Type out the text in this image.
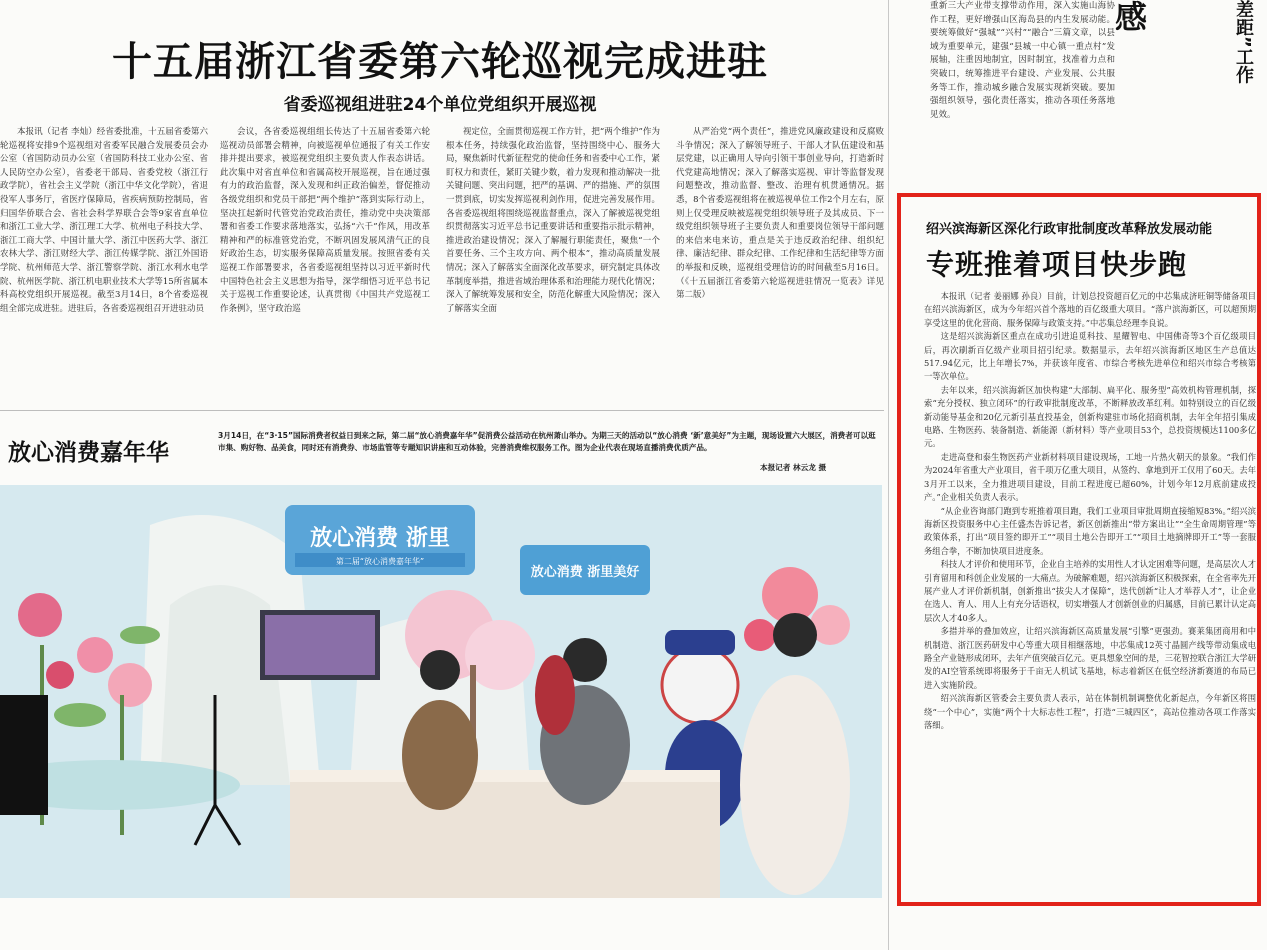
十五届浙江省委第六轮巡视完成进驻
省委巡视组进驻24个单位党组织开展巡视

本报讯（记者 李灿）经省委批准，十五届省委第六轮巡视将安排9个巡视组对省委军民融合发展委员会办公室（省国防动员办公室（省国防科技工业办公室、省人民防空办公室），省委老干部局、省委党校（浙江行政学院），省社会主义学院（浙江中华文化学院），省退役军人事务厅，省医疗保障局，省疾病预防控制局，省归国华侨联合会、省社会科学界联合会等9家省直单位和浙江工业大学、浙江理工大学、杭州电子科技大学、浙江工商大学、中国计量大学、浙江中医药大学、浙江农林大学、浙江财经大学、浙江传媒学院、浙江外国语学院、杭州师范大学、浙江警察学院、浙江水利水电学院、杭州医学院、浙江机电职业技术大学等15所省属本科高校党组织开展巡视。截至3月14日，8个省委巡视组全部完成进驻。进驻后，各省委巡视组召开进驻动员

会议，各省委巡视组组长传达了十五届省委第六轮巡视动员部署会精神，向被巡视单位通报了有关工作安排并提出要求，被巡视党组织主要负责人作表态讲话。此次集中对省直单位和省属高校开展巡视，旨在通过强有力的政治监督，深入发现和纠正政治偏差，督促推动各级党组织和党员干部把“两个维护”落到实际行动上，坚决扛起新时代管党治党政治责任，推动党中央决策部署和省委工作要求落地落实，弘扬“六千”作风，用改革精神和严的标准管党治党，不断巩固发展风清气正的良好政治生态，切实服务保障高质量发展。按照省委有关巡视工作部署要求，各省委巡视组坚持以习近平新时代中国特色社会主义思想为指导，深学细悟习近平总书记关于巡视工作重要论述，认真贯彻《中国共产党巡视工作条例》，坚守政治巡

视定位，全面贯彻巡视工作方针，把“两个维护”作为根本任务，持续强化政治监督，坚持围绕中心、服务大局，聚焦新时代新征程党的使命任务和省委中心工作，紧盯权力和责任，紧盯关键少数，着力发现和推动解决一批关键问题、突出问题，把严的基调、严的措施、严的氛围一贯到底，切实发挥巡视利剑作用，促进完善发展作用。各省委巡视组将围绕巡视监督重点，深入了解被巡视党组织贯彻落实习近平总书记重要讲话和重要指示批示精神，推进政治建设情况；深入了解履行职能责任，聚焦“一个首要任务、三个主攻方向、两个根本”，推动高质量发展情况；深入了解落实全面深化改革要求，研究制定具体改革制度举措，推进省域治理体系和治理能力现代化情况；深入了解统筹发展和安全，防范化解重大风险情况；深入了解落实全面

从严治党“两个责任”，推进党风廉政建设和反腐败斗争情况；深入了解领导班子、干部人才队伍建设和基层党建，以正确用人导向引领干事创业导向，打造新时代党建高地情况；深入了解落实巡视、审计等监督发现问题整改，推动监督、整改、治理有机贯通情况。据悉，8个省委巡视组将在被巡视单位工作2个月左右，原则上仅受理反映被巡视党组织领导班子及其成员、下一级党组织领导班子主要负责人和重要岗位领导干部问题的来信来电来访，重点是关于违反政治纪律、组织纪律、廉洁纪律、群众纪律、工作纪律和生活纪律等方面的举报和反映，巡视组受理信访的时间截至5月16日。（《十五届浙江省委第六轮巡视进驻情况一览表》详见第二版）

重新三大产业带支撑带动作用，深入实施山海协作工程，更好增强山区海岛县的内生发展动能。要统筹做好“强城”“兴村”“融合”三篇文章，以县域为重要单元，建强“县城一中心镇一重点村”发展轴，注重因地制宜，因时制宜，找准着力点和突破口，统筹推进平台建设、产业发展、公共服务等工作，推动城乡融合发展实现新突破。要加强组织领导，强化责任落实，推动各项任务落地见效。

感	差距”工作
放心消费嘉年华
3月14日，在“3·15”国际消费者权益日到来之际，第二届“放心消费嘉年华”促消费公益活动在杭州萧山举办。为期三天的活动以“放心消费 ‘新’意美好”为主题，现场设置六大展区，消费者可以逛市集、购好物、品美食，同时还有消费券、市场监管等专题知识讲座和互动体验，完善消费维权服务工作。图为企业代表在现场直播消费优质产品。
本报记者 林云龙 摄
放心消费 浙里
第二届“放心消费嘉年华”
放心消费 浙里美好
绍兴滨海新区深化行政审批制度改革释放发展动能
专班推着项目快步跑

本报讯（记者 姜丽娜 孙良）目前，计划总投资超百亿元的中芯集成济旺铜等储备项目在绍兴滨海新区，成为今年绍兴首个落地的百亿级重大项目。“落户滨海新区，可以超预期享受这里的优化营商、服务保障与政策支持。”中芯集总经理李良说。

这是绍兴滨海新区重点在成功引进追觅科技、星耀智电、中国佛奇等3个百亿级项目后，再次刷新百亿级产业项目招引纪录。数据显示，去年绍兴滨海新区地区生产总值达517.94亿元，比上年增长7%，并获该年度省、市综合考核先进单位和绍兴市综合考核第一等次单位。

去年以来，绍兴滨海新区加快构建“大部制、扁平化、服务型”高效机构管理机制，探索“充分授权、独立闭环”的行政审批制度改革，不断释放改革红利。如特别设立的百亿级新动能导基金和20亿元新引基直投基金，创新构建驻市场化招商机制，去年全年招引集成电路、生物医药、装备制造、新能源（新材料）等产业项目53个，总投资规模达1100多亿元。

走进高登和泰生物医药产业新材料项目建设现场，工地一片热火朝天的景象。“我们作为2024年省重大产业项目，省千项万亿重大项目，从签约、拿地到开工仅用了60天。去年3月开工以来，全力推进项目建设，目前工程进度已超60%，计划今年12月底前建成投产。”企业相关负责人表示。

“从企业咨询部门跑到专班推着项目跑，我们工业项目审批周期直接缩短83%。”绍兴滨海新区投资服务中心主任盛杰告诉记者，新区创新推出“带方案出让”“全生命周期管理”等政策体系，打出“项目签约即开工”“项目土地公告即开工”“项目土地摘牌即开工”等一套服务组合拳，不断加快项目进度条。

科技人才评价和使用环节，企业自主培养的实用性人才认定困难等问题，是高层次人才引育留用和科创企业发展的一大痛点。为破解难题，绍兴滨海新区积极探索，在全省率先开展产业人才评价新机制，创新推出“拔尖人才保障”，迭代创新“让人才举荐人才”，让企业在选人、育人、用人上有充分话语权，切实增强人才创新创业的归属感，目前已累计认定高层次人才40多人。

多措并举的叠加效应，让绍兴滨海新区高质量发展“引擎”更强劲。赛莱集团商用和中机制造、浙江医药研发中心等重大项目相继落地，中芯集成12英寸晶圆产线等带动集成电路全产业链形成闭环，去年产值突破百亿元。更具想象空间的是，三花智控联合浙江大学研发的AI空管系统即将服务于千亩无人机试飞基地，标志着新区在低空经济新赛道的布局已进入实施阶段。

绍兴滨海新区管委会主要负责人表示，站在体制机制调整优化新起点，今年新区将围绕“一个中心”，实施“两个十大标志性工程”，打造“三城四区”，高站位推动各项工作落实落细。
